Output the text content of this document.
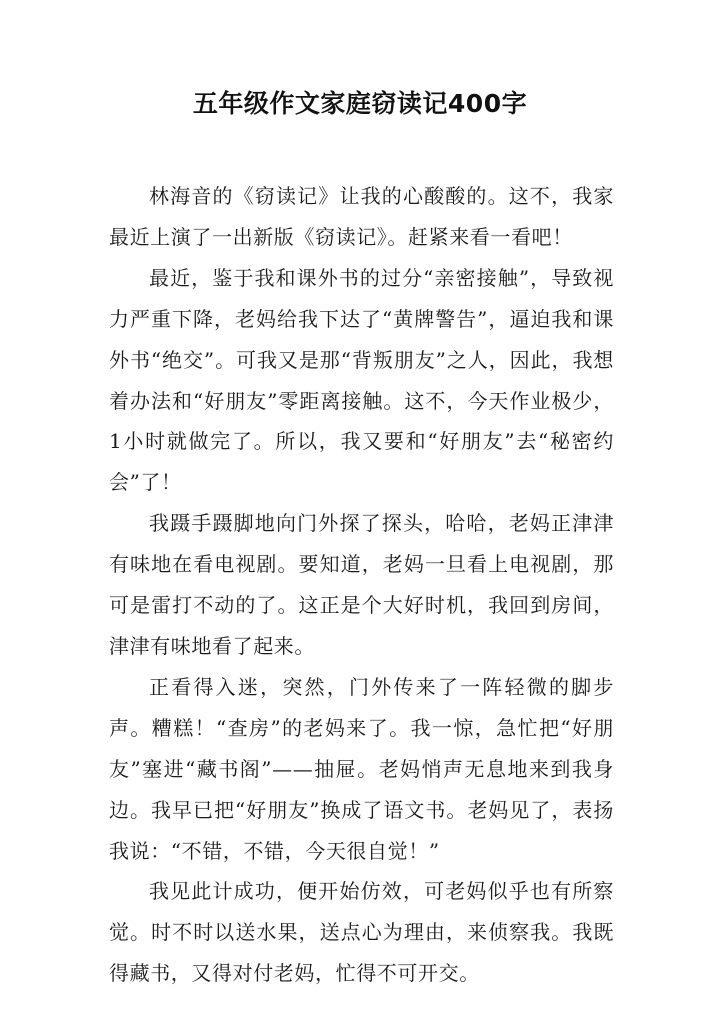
五年级作文家庭窃读记400字

林海音的《窃读记》让我的心酸酸的。这不，我家最近上演了一出新版《窃读记》。赶紧来看一看吧！

最近，鉴于我和课外书的过分“亲密接触”，导致视力严重下降，老妈给我下达了“黄牌警告”，逼迫我和课外书“绝交”。可我又是那“背叛朋友”之人，因此，我想着办法和“好朋友”零距离接触。这不，今天作业极少，1小时就做完了。所以，我又要和“好朋友”去“秘密约会”了！

我蹑手蹑脚地向门外探了探头，哈哈，老妈正津津有味地在看电视剧。要知道，老妈一旦看上电视剧，那可是雷打不动的了。这正是个大好时机，我回到房间，津津有味地看了起来。

正看得入迷，突然，门外传来了一阵轻微的脚步声。糟糕！“查房”的老妈来了。我一惊，急忙把“好朋友”塞进“藏书阁”——抽屉。老妈悄声无息地来到我身边。我早已把“好朋友”换成了语文书。老妈见了，表扬我说：“不错，不错，今天很自觉！”

我见此计成功，便开始仿效，可老妈似乎也有所察觉。时不时以送水果，送点心为理由，来侦察我。我既得藏书，又得对付老妈，忙得不可开交。
